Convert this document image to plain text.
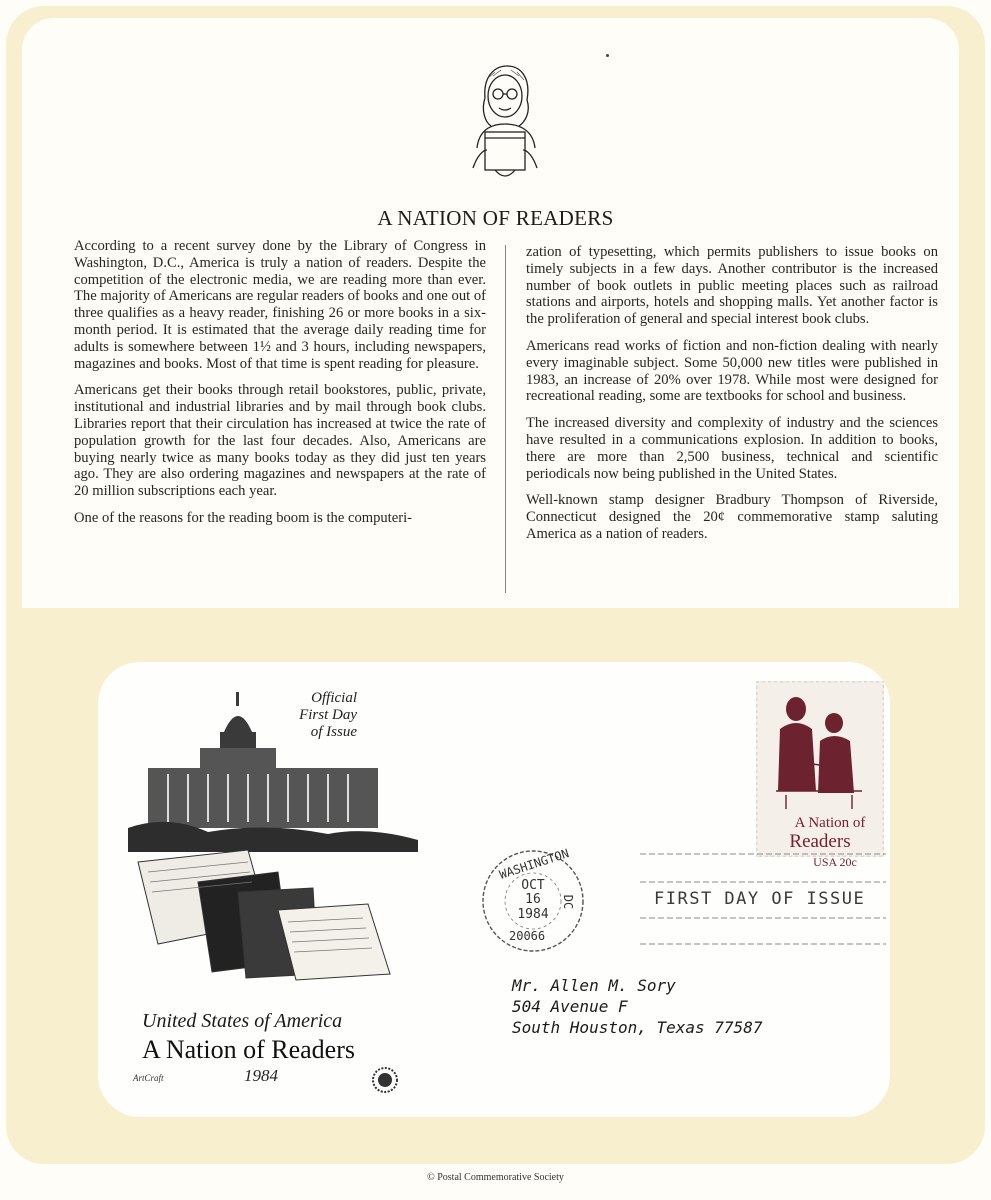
A NATION OF READERS

According to a recent survey done by the Library of Congress in Washington, D.C., America is truly a nation of readers. Despite the competition of the electronic media, we are reading more than ever. The majority of Americans are regular readers of books and one out of three qualifies as a heavy reader, finishing 26 or more books in a six-month period. It is estimated that the average daily reading time for adults is somewhere between 1½ and 3 hours, including newspapers, magazines and books. Most of that time is spent reading for pleasure.

Americans get their books through retail bookstores, public, private, institutional and industrial libraries and by mail through book clubs. Libraries report that their circulation has increased at twice the rate of population growth for the last four decades. Also, Americans are buying nearly twice as many books today as they did just ten years ago. They are also ordering magazines and newspapers at the rate of 20 million subscriptions each year.

One of the reasons for the reading boom is the computeri-

zation of typesetting, which permits publishers to issue books on timely subjects in a few days. Another contributor is the increased number of book outlets in public meeting places such as railroad stations and airports, hotels and shopping malls. Yet another factor is the proliferation of general and special interest book clubs.

Americans read works of fiction and non-fiction dealing with nearly every imaginable subject. Some 50,000 new titles were published in 1983, an increase of 20% over 1978. While most were designed for recreational reading, some are textbooks for school and business.

The increased diversity and complexity of industry and the sciences have resulted in a communications explosion. In addition to books, there are more than 2,500 business, technical and scientific periodicals now being published in the United States.

Well-known stamp designer Bradbury Thompson of Riverside, Connecticut designed the 20¢ commemorative stamp saluting America as a nation of readers.

Official
First Day
of Issue
United States of America
A Nation of Readers
1984
ArtCraft
A Nation of
Readers
USA 20c
WASHINGTON
DC
OCT
16
1984
20066
FIRST DAY OF ISSUE
Mr. Allen M. Sory
504 Avenue F
South Houston, Texas 77587
© Postal Commemorative Society
